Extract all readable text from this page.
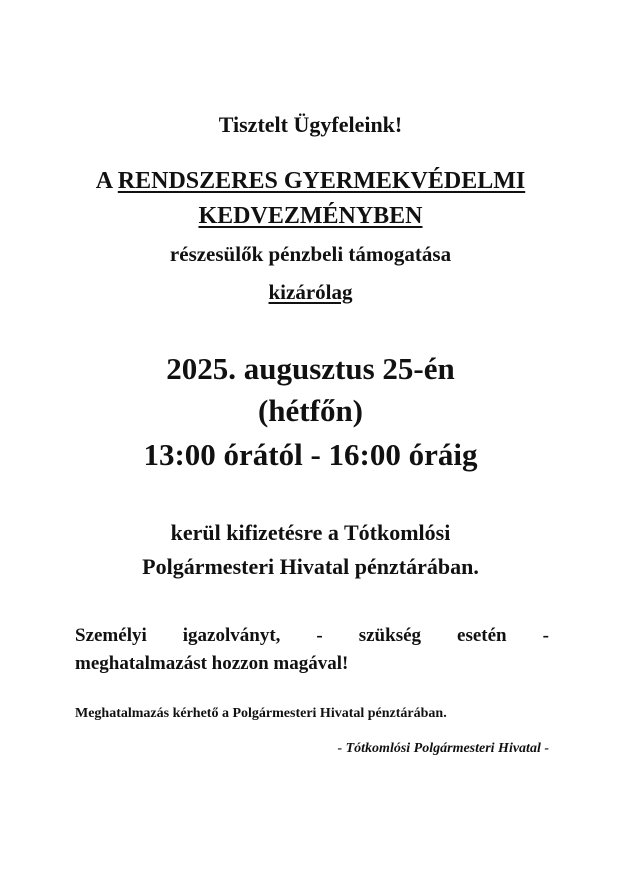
Tisztelt Ügyfeleink!

A RENDSZERES GYERMEKVÉDELMI

KEDVEZMÉNYBEN

részesülők pénzbeli támogatása

kizárólag

2025. augusztus 25-én

(hétfőn)

13:00 órától - 16:00 óráig

kerül kifizetésre a Tótkomlósi

Polgármesteri Hivatal pénztárában.

Személyi igazolványt, - szükség esetén -

meghatalmazást hozzon magával!

Meghatalmazás kérhető a Polgármesteri Hivatal pénztárában.

- Tótkomlósi Polgármesteri Hivatal -
